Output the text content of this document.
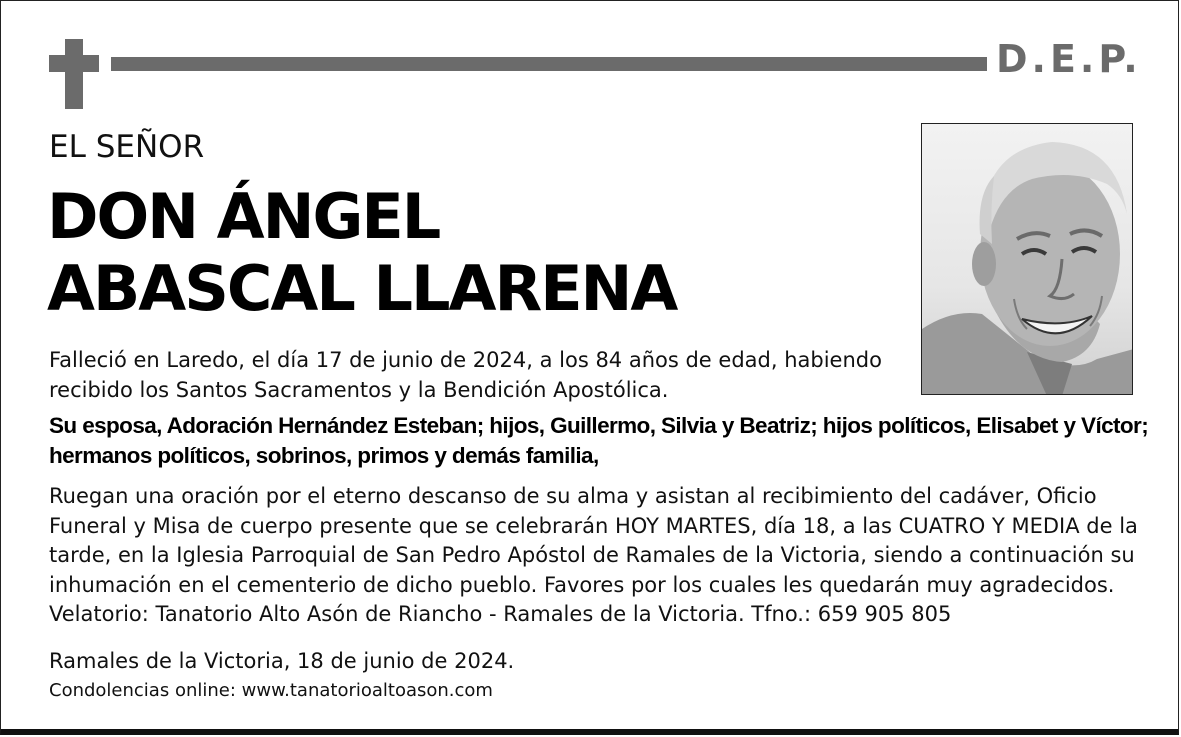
D.E.P.
EL SEÑOR
DON ÁNGEL
ABASCAL LLARENA
Falleció en Laredo, el día 17 de junio de 2024, a los 84 años de edad, habiendo recibido los Santos Sacramentos y la Bendición Apostólica.
Su esposa, Adoración Hernández Esteban; hijos, Guillermo, Silvia y Beatriz; hijos políticos, Elisabet y Víctor; hermanos políticos, sobrinos, primos y demás familia,
Ruegan una oración por el eterno descanso de su alma y asistan al recibimiento del cadáver, Oficio Funeral y Misa de cuerpo presente que se celebrarán HOY MARTES, día 18, a las CUATRO Y MEDIA de la tarde, en la Iglesia Parroquial de San Pedro Apóstol de Ramales de la Victoria, siendo a continuación su inhumación en el cementerio de dicho pueblo. Favores por los cuales les quedarán muy agradecidos. Velatorio: Tanatorio Alto Asón de Riancho - Ramales de la Victoria. Tfno.: 659 905 805
Ramales de la Victoria, 18 de junio de 2024.
Condolencias online: www.tanatorioaltoason.com
